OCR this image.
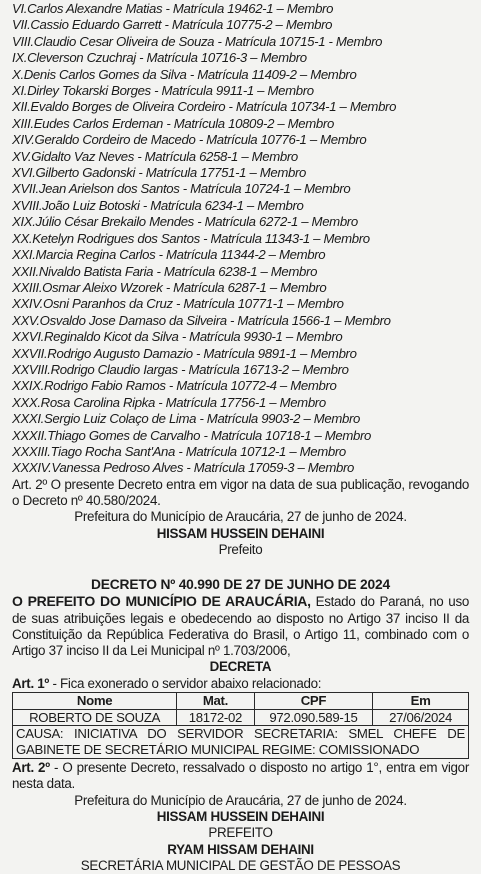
VI.Carlos Alexandre Matias - Matrícula 19462-1 – Membro
VII.Cassio Eduardo Garrett - Matrícula 10775-2 – Membro
VIII.Claudio Cesar Oliveira de Souza - Matrícula 10715-1 - Membro
IX.Cleverson Czuchraj - Matrícula 10716-3 – Membro
X.Denis Carlos Gomes da Silva - Matrícula 11409-2 – Membro
XI.Dirley Tokarski Borges - Matrícula 9911-1 – Membro
XII.Evaldo Borges de Oliveira Cordeiro - Matrícula 10734-1 – Membro
XIII.Eudes Carlos Erdeman - Matrícula 10809-2 – Membro
XIV.Geraldo Cordeiro de Macedo - Matrícula 10776-1 – Membro
XV.Gidalto Vaz Neves - Matrícula 6258-1 – Membro
XVI.Gilberto Gadonski - Matrícula 17751-1 – Membro
XVII.Jean Arielson dos Santos - Matrícula 10724-1 – Membro
XVIII.João Luiz Botoski - Matrícula 6234-1 – Membro
XIX.Júlio César Brekailo Mendes - Matrícula 6272-1 – Membro
XX.Ketelyn Rodrigues dos Santos - Matrícula 11343-1 – Membro
XXI.Marcia Regina Carlos - Matrícula 11344-2 – Membro
XXII.Nivaldo Batista Faria - Matrícula 6238-1 – Membro
XXIII.Osmar Aleixo Wzorek - Matrícula 6287-1 – Membro
XXIV.Osni Paranhos da Cruz - Matrícula 10771-1 – Membro
XXV.Osvaldo Jose Damaso da Silveira - Matrícula 1566-1 – Membro
XXVI.Reginaldo Kicot da Silva - Matrícula 9930-1 – Membro
XXVII.Rodrigo Augusto Damazio - Matrícula 9891-1 – Membro
XXVIII.Rodrigo Claudio Iargas - Matrícula 16713-2 – Membro
XXIX.Rodrigo Fabio Ramos - Matrícula 10772-4 – Membro
XXX.Rosa Carolina Ripka - Matrícula 17756-1 – Membro
XXXI.Sergio Luiz Colaço de Lima - Matrícula 9903-2 – Membro
XXXII.Thiago Gomes de Carvalho - Matrícula 10718-1 – Membro
XXXIII.Tiago Rocha Sant'Ana - Matrícula 10712-1 – Membro
XXXIV.Vanessa Pedroso Alves - Matrícula 17059-3 – Membro
Art. 2º O presente Decreto entra em vigor na data de sua publicação, revogando o Decreto nº 40.580/2024.
Prefeitura do Município de Araucária, 27 de junho de 2024.
HISSAM HUSSEIN DEHAINI
Prefeito
DECRETO Nº 40.990 DE 27 DE JUNHO DE 2024
O PREFEITO DO MUNICÍPIO DE ARAUCÁRIA, Estado do Paraná, no uso de suas atribuições legais e obedecendo ao disposto no Artigo 37 inciso II da Constituição da República Federativa do Brasil, o Artigo 11, combinado com o Artigo 37 inciso II da Lei Municipal nº 1.703/2006,
DECRETA
Art. 1º - Fica exonerado o servidor abaixo relacionado:
Nome	Mat.	CPF	Em
ROBERTO DE SOUZA	18172-02	972.090.589-15	27/06/2024
CAUSA: INICIATIVA DO SERVIDOR SECRETARIA: SMEL CHEFE DE GABINETE DE SECRETÁRIO MUNICIPAL REGIME: COMISSIONADO			
Art. 2º - O presente Decreto, ressalvado o disposto no artigo 1°, entra em vigor nesta data.
Prefeitura do Município de Araucária, 27 de junho de 2024.
HISSAM HUSSEIN DEHAINI
PREFEITO
RYAM HISSAM DEHAINI
SECRETÁRIA MUNICIPAL DE GESTÃO DE PESSOAS
